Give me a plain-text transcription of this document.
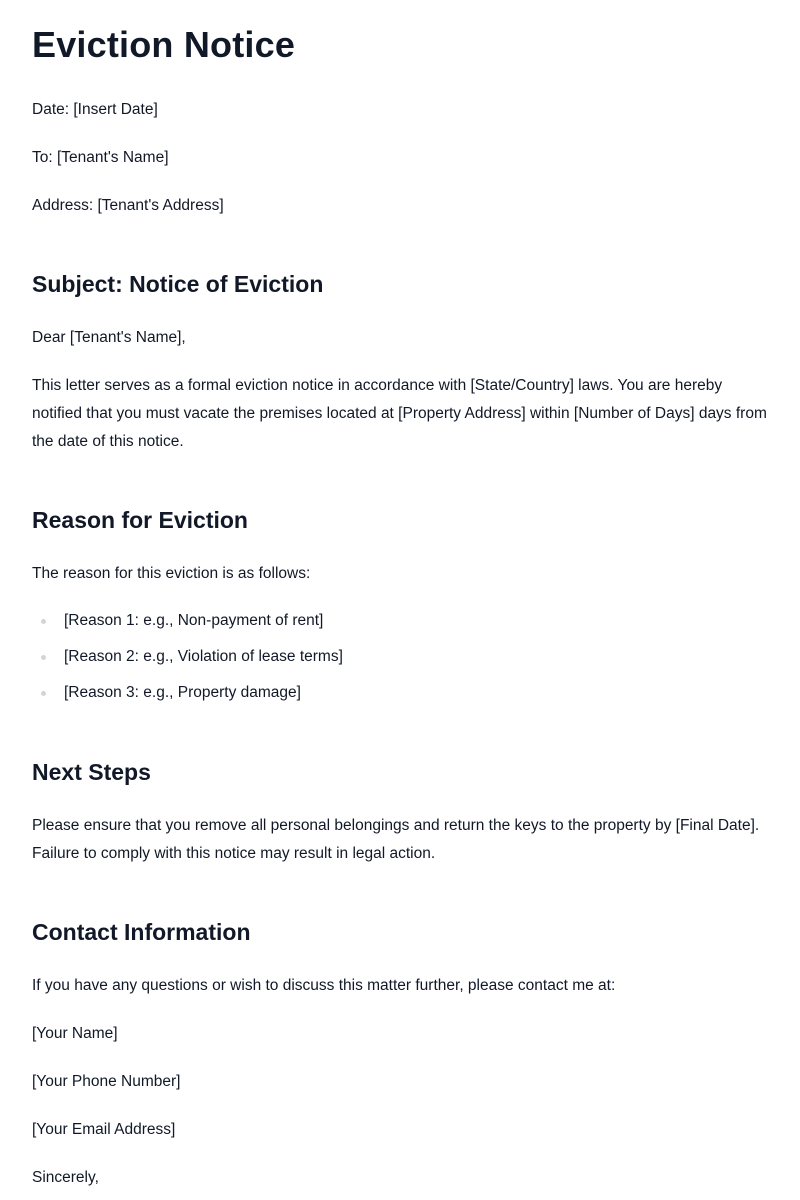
Eviction Notice

Date: [Insert Date]

To: [Tenant's Name]

Address: [Tenant's Address]

Subject: Notice of Eviction

Dear [Tenant's Name],

This letter serves as a formal eviction notice in accordance with [State/Country] laws. You are hereby notified that you must vacate the premises located at [Property Address] within [Number of Days] days from the date of this notice.

Reason for Eviction

The reason for this eviction is as follows:

[Reason 1: e.g., Non-payment of rent]
[Reason 2: e.g., Violation of lease terms]
[Reason 3: e.g., Property damage]
Next Steps

Please ensure that you remove all personal belongings and return the keys to the property by [Final Date]. Failure to comply with this notice may result in legal action.

Contact Information

If you have any questions or wish to discuss this matter further, please contact me at:

[Your Name]

[Your Phone Number]

[Your Email Address]

Sincerely,
